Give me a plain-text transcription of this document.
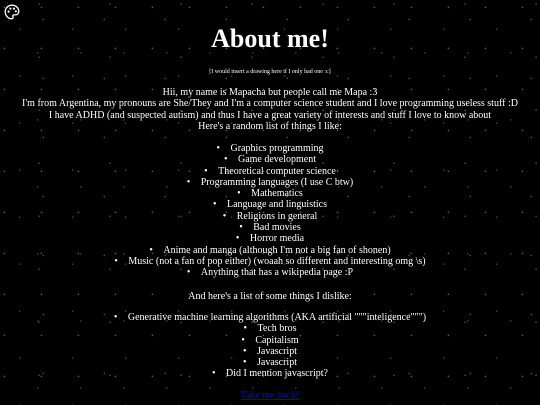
About me!
[I would insert a drawing here if I only had one :c]
Hii, my name is Mapacha but people call me Mapa :3
I'm from Argentina, my pronouns are She/They and I'm a computer science student and I love programming useless stuff :D
I have ADHD (and suspected autism) and thus I have a great variety of interests and stuff I love to know about
Here's a random list of things I like:
• Graphics programming
• Game development
• Theoretical computer science
• Programming languages (I use C btw)
• Mathematics
• Language and linguistics
• Religions in general
• Bad movies
• Horror media
• Anime and manga (although I'm not a big fan of shonen)
• Music (not a fan of pop either) (woaah so different and interesting omg \s)
• Anything that has a wikipedia page :P
And here's a list of some things I dislike:
• Generative machine learning algorithms (AKA artificial """inteligence""")
• Tech bros
• Capitalism
• Javascript
• Javascript
• Did I mention javascript?
Take me back!
